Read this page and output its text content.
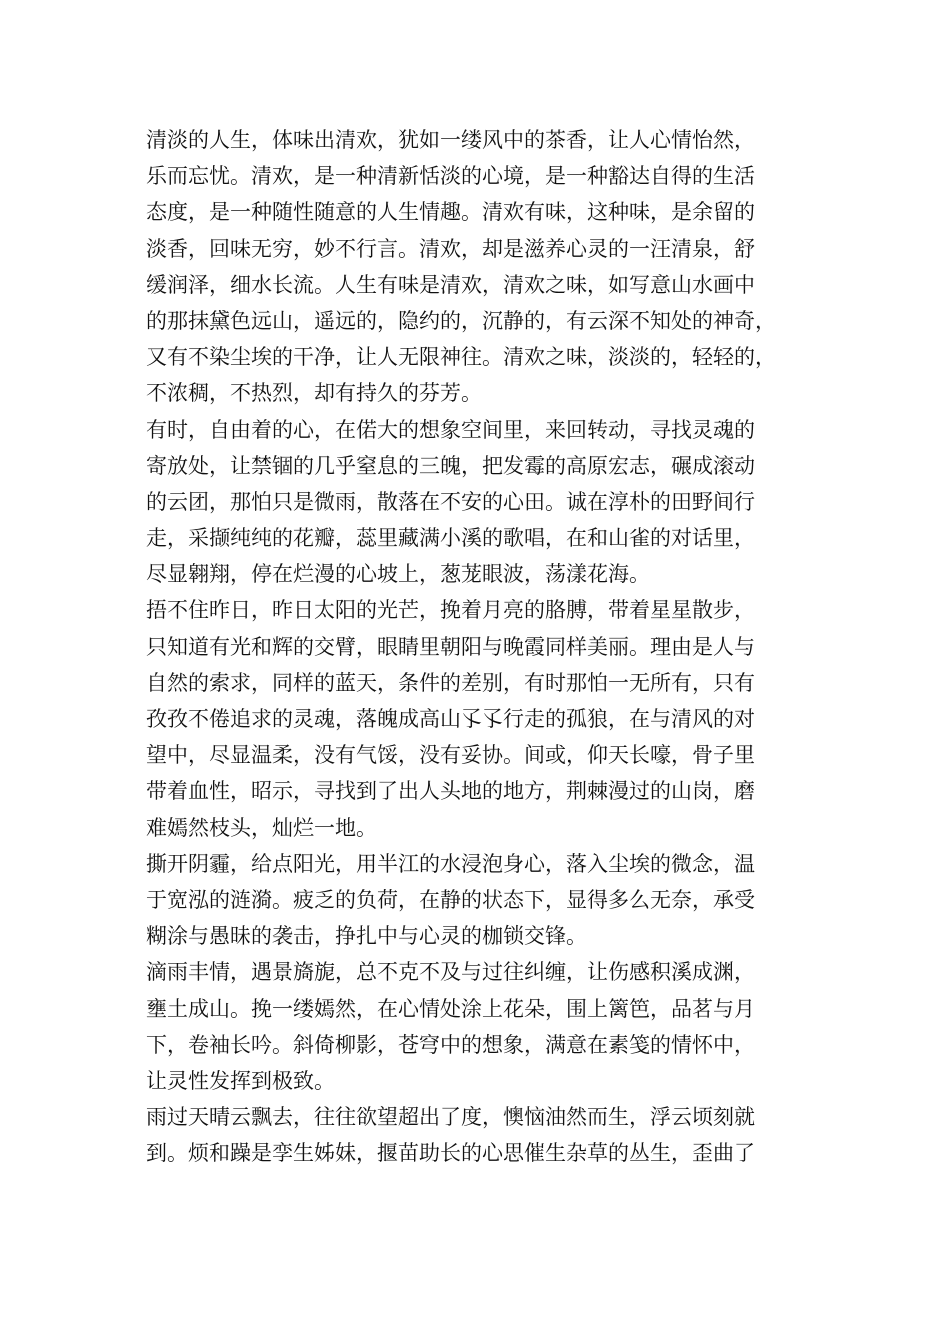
清淡的人生，体味出清欢，犹如一缕风中的茶香，让人心情怡然，
乐而忘忧。清欢，是一种清新恬淡的心境，是一种豁达自得的生活
态度，是一种随性随意的人生情趣。清欢有味，这种味，是余留的
淡香，回味无穷，妙不行言。清欢，却是滋养心灵的一汪清泉，舒
缓润泽，细水长流。人生有味是清欢，清欢之味，如写意山水画中
的那抹黛色远山，遥远的，隐约的，沉静的，有云深不知处的神奇，
又有不染尘埃的干净，让人无限神往。清欢之味，淡淡的，轻轻的，
不浓稠，不热烈，却有持久的芬芳。
有时，自由着的心，在偌大的想象空间里，来回转动，寻找灵魂的
寄放处，让禁锢的几乎窒息的三魄，把发霉的高原宏志，碾成滚动
的云团，那怕只是微雨，散落在不安的心田。诚在淳朴的田野间行
走，采撷纯纯的花瓣，蕊里藏满小溪的歌唱，在和山雀的对话里，
尽显翱翔，停在烂漫的心坡上，葱茏眼波，荡漾花海。
捂不住昨日，昨日太阳的光芒，挽着月亮的胳膊，带着星星散步，
只知道有光和辉的交臂，眼睛里朝阳与晚霞同样美丽。理由是人与
自然的索求，同样的蓝天，条件的差别，有时那怕一无所有，只有
孜孜不倦追求的灵魂，落魄成高山孓孓行走的孤狼，在与清风的对
望中，尽显温柔，没有气馁，没有妥协。间或，仰天长嚎，骨子里
带着血性，昭示，寻找到了出人头地的地方，荆棘漫过的山岗，磨
难嫣然枝头，灿烂一地。
撕开阴霾，给点阳光，用半江的水浸泡身心，落入尘埃的微念，温
于宽泓的涟漪。疲乏的负荷，在静的状态下，显得多么无奈，承受
糊涂与愚昧的袭击，挣扎中与心灵的枷锁交锋。
滴雨丰情，遇景旖旎，总不克不及与过往纠缠，让伤感积溪成渊，
壅土成山。挽一缕嫣然，在心情处涂上花朵，围上篱笆，品茗与月
下，卷袖长吟。斜倚柳影，苍穹中的想象，满意在素笺的情怀中，
让灵性发挥到极致。
雨过天晴云飘去，往往欲望超出了度，懊恼油然而生，浮云顷刻就
到。烦和躁是孪生姊妹，揠苗助长的心思催生杂草的丛生，歪曲了
